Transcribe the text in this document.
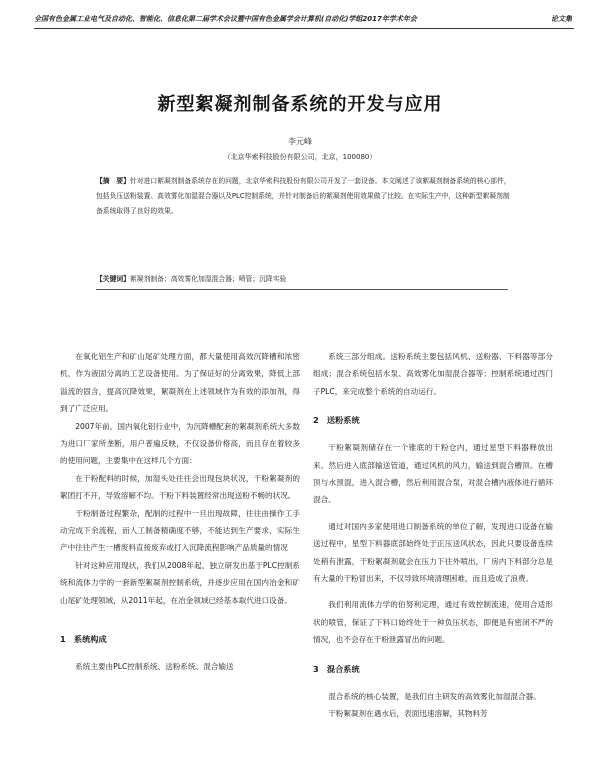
全国有色金属工业电气及自动化、智能化、信息化第二届学术会议暨中国有色金属学会计算机(自动化)学组2017年学术年会	论文集
新型絮凝剂制备系统的开发与应用
李元峰
（北京华索科技股份有限公司，北京，100080）
【摘　要】针对进口絮凝剂制备系统存在的问题，北京华索科技股份有限公司开发了一套设备。本文阐述了该絮凝剂制备系统的核心部件，包括负压送粉装置、高效雾化加湿混合器以及PLC控制系统，并针对制备后的絮凝剂使用效果做了比较。在实际生产中，这种新型絮凝剂制备系统取得了良好的效果。
【关键词】絮凝剂制备；高效雾化加湿混合器；喷管；沉降实验

在氧化铝生产和矿山尾矿处理方面，都大量使用高效沉降槽和浓密机，作为液固分离的工艺设备使用。为了保证好的分离效果，降低上部溢流的固含，提高沉降效果，絮凝剂在上述领域作为有效的添加剂，得到了广泛应用。

2007年前，国内氧化铝行业中，为沉降槽配套的絮凝剂系统大多数为进口厂家所垄断，用户普遍反映，不仅设备价格高，而且存在着较多的使用问题，主要集中在这样几个方面：

在干粉配料的时候，加湿头处往往会出现包块状况，干粉絮凝剂的絮团打不开，导致溶解不均。干粉下料装置经常出现送粉不畅的状况。

干粉制备过程繁杂，配制的过程中一旦出现故障，往往由操作工手动完成下余流程，而人工制备精确度不够，不能达到生产要求，实际生产中往往产生一槽废料直接废弃或打入沉降流程影响产品质量的情况

针对这种应用现状，我们从2008年起，独立研发出基于PLC控制系统和流体力学的一套新型絮凝剂控制系统，并逐步应用在国内冶金和矿山尾矿处理领域，从2011年起，在冶金领域已经基本取代进口设备。

1　系统构成

系统主要由PLC控制系统、送粉系统、混合输送

系统三部分组成。送粉系统主要包括风机、送粉器、下料器等部分组成；混合系统包括水泵、高效雾化加湿混合器等；控制系统通过西门子PLC，来完成整个系统的自动运行。

2　送粉系统

干粉絮凝剂储存在一个锥底的干粉仓内，通过星型下料器释放出来。然后进入底部输送管道，通过风机的风力，输送到混合槽顶。在槽顶与水预混，进入混合槽，然后利用混合泵，对混合槽内液体进行循环混合。

通过对国内多家使用进口制备系统的单位了解，发现进口设备在输送过程中，星型下料器底部始终处于正压送风状态，因此只要设备连续处稍有泄露，干粉絮凝剂就会在压力下往外喷出，厂房内下料部分总是有大量的干粉冒出来，不仅导致环境清理困难，而且造成了浪费。

我们利用流体力学的伯努利定理，通过有效控制流速，使用合适形状的喷管，保证了下料口始终处于一种负压状态，即便是有密闭不严的情况，也不会存在干粉泄露冒出的问题。

3　混合系统

混合系统的核心装置，是我们自主研发的高效雾化加湿混合器。

干粉絮凝剂在遇水后，表面迅速溶解，其物料芳
